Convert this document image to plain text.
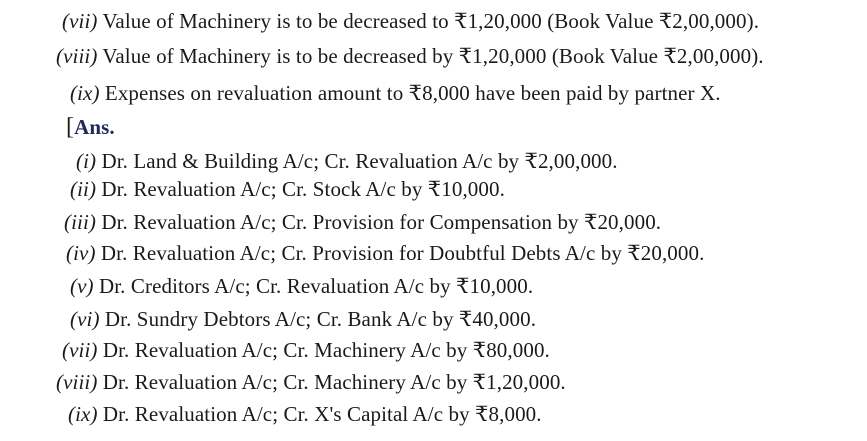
(vii) Value of Machinery is to be decreased to ₹1,20,000 (Book Value ₹2,00,000).
(viii) Value of Machinery is to be decreased by ₹1,20,000 (Book Value ₹2,00,000).
(ix) Expenses on revaluation amount to ₹8,000 have been paid by partner X.
[Ans.
(i) Dr. Land & Building A/c; Cr. Revaluation A/c by ₹2,00,000.
(ii) Dr. Revaluation A/c; Cr. Stock A/c by ₹10,000.
(iii) Dr. Revaluation A/c; Cr. Provision for Compensation by ₹20,000.
(iv) Dr. Revaluation A/c; Cr. Provision for Doubtful Debts A/c by ₹20,000.
(v) Dr. Creditors A/c; Cr. Revaluation A/c by ₹10,000.
(vi) Dr. Sundry Debtors A/c; Cr. Bank A/c by ₹40,000.
(vii) Dr. Revaluation A/c; Cr. Machinery A/c by ₹80,000.
(viii) Dr. Revaluation A/c; Cr. Machinery A/c by ₹1,20,000.
(ix) Dr. Revaluation A/c; Cr. X's Capital A/c by ₹8,000.
